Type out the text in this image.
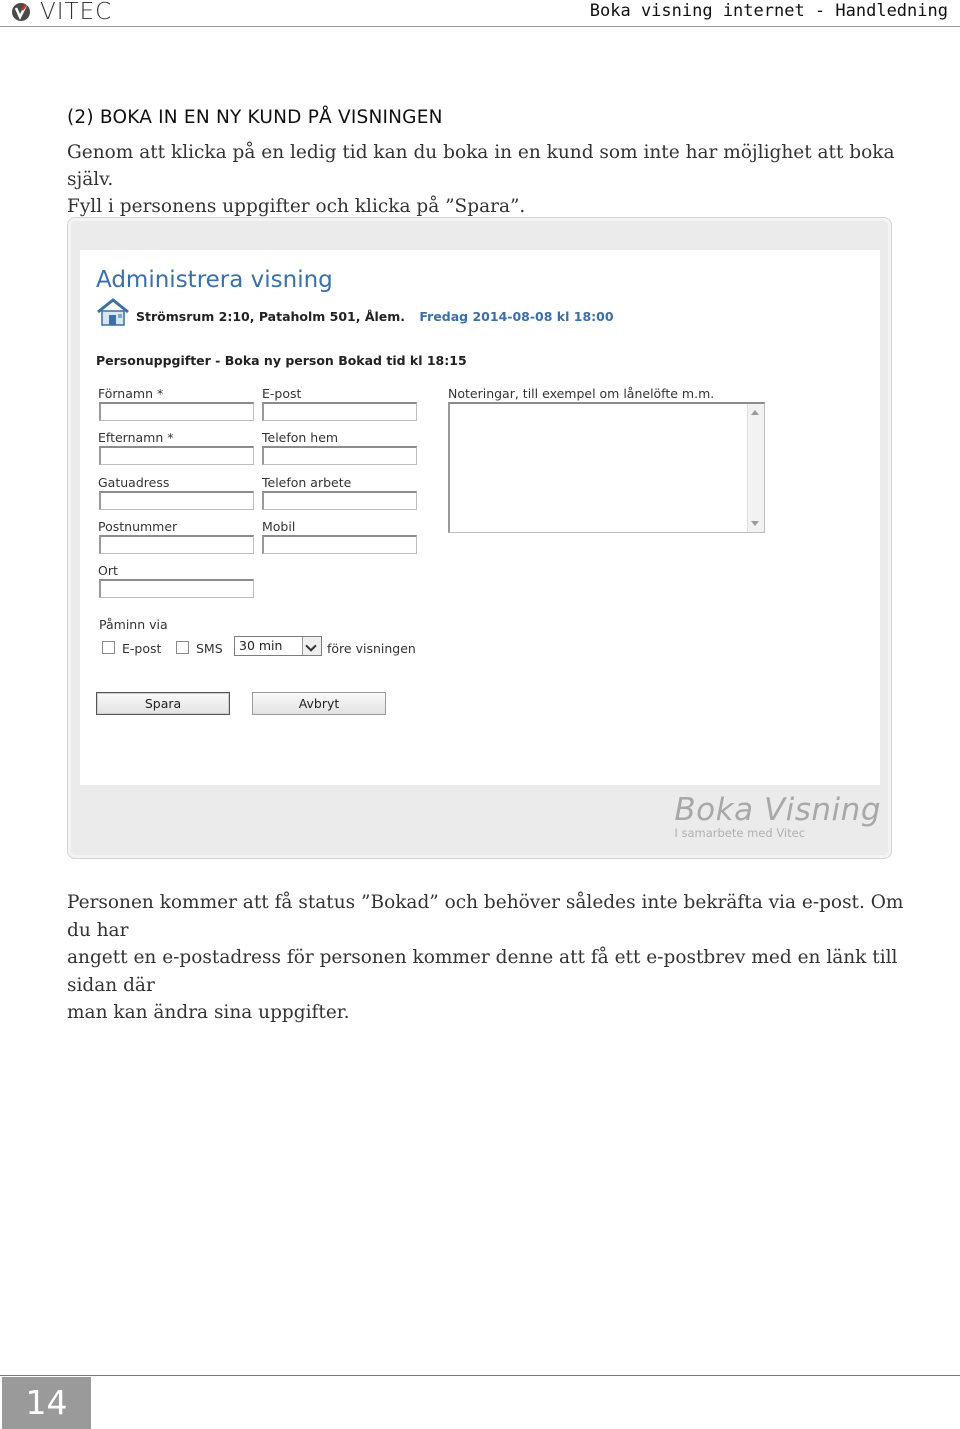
VITEC	Boka visning internet - Handledning
(2) BOKA IN EN NY KUND PÅ VISNINGEN

Genom att klicka på en ledig tid kan du boka in en kund som inte har möjlighet att boka själv.

Fyll i personens uppgifter och klicka på ”Spara”.

Administrera visning
Strömsrum 2:10, Pataholm 501, Ålem. Fredag 2014-08-08 kl 18:00
Personuppgifter - Boka ny person Bokad tid kl 18:15
Förnamn *
Efternamn *
Gatuadress
Postnummer
Ort
E-post
Telefon hem
Telefon arbete
Mobil
Noteringar, till exempel om lånelöfte m.m.
Påminn via
E-post	SMS 30 min	före visningen
Spara	Avbryt
Boka Visning
I samarbete med Vitec

Personen kommer att få status ”Bokad” och behöver således inte bekräfta via e-post. Om du har

angett en e-postadress för personen kommer denne att få ett e-postbrev med en länk till sidan där

man kan ändra sina uppgifter.

14
